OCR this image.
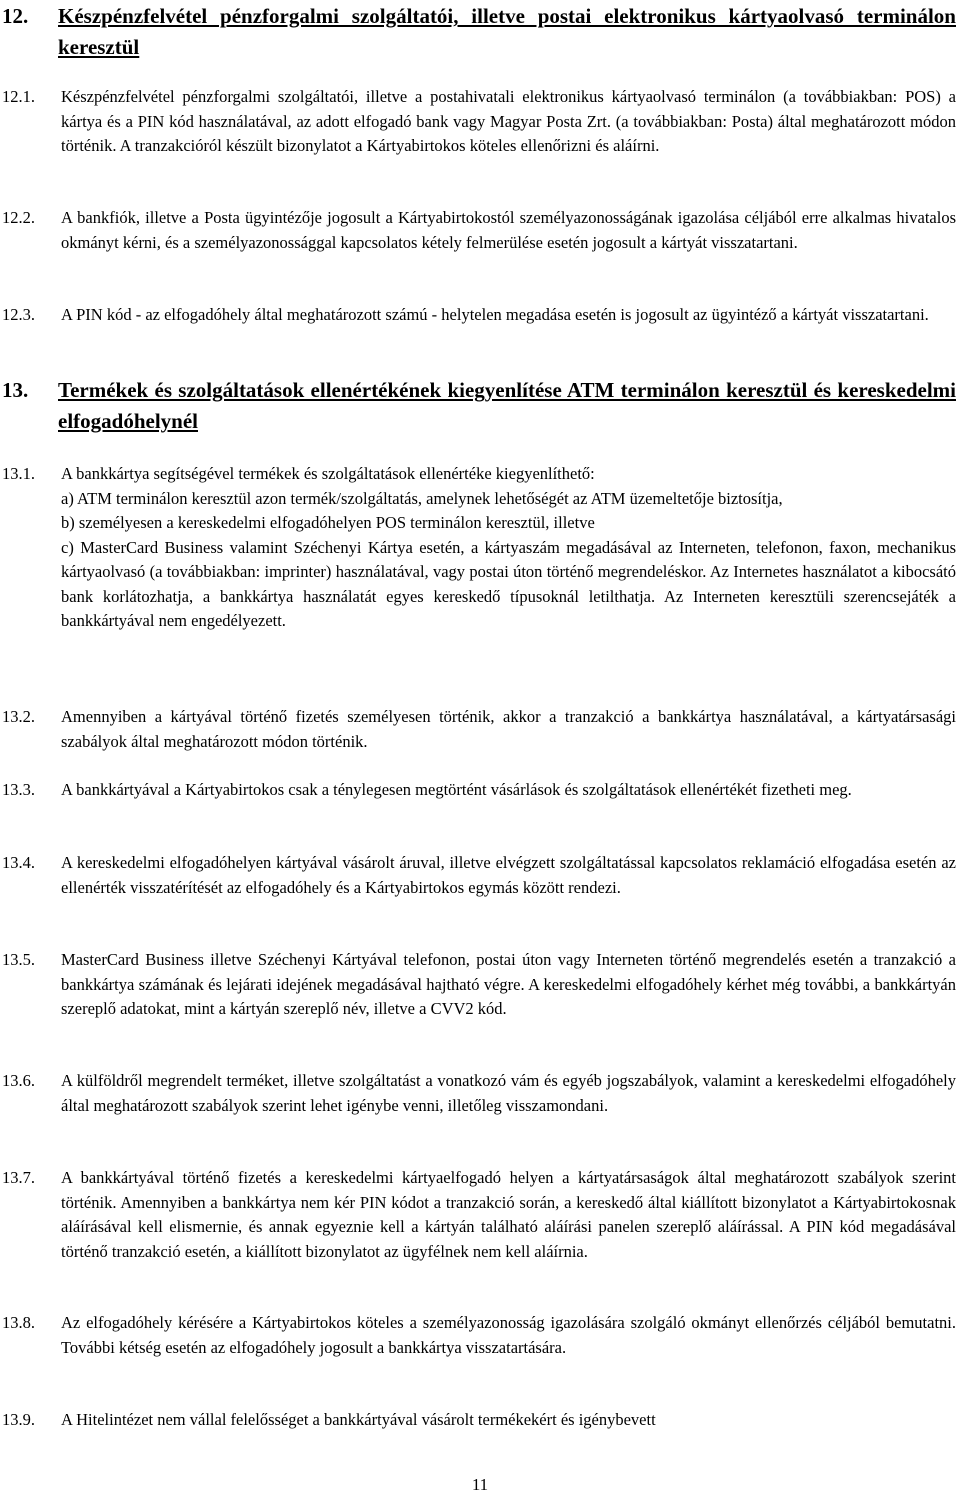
12. Készpénzfelvétel pénzforgalmi szolgáltatói, illetve postai elektronikus kártyaolvasó terminálon keresztül
12.1. Készpénzfelvétel pénzforgalmi szolgáltatói, illetve a postahivatali elektronikus kártyaolvasó terminálon (a továbbiakban: POS) a kártya és a PIN kód használatával, az adott elfogadó bank vagy Magyar Posta Zrt. (a továbbiakban: Posta) által meghatározott módon történik. A tranzakcióról készült bizonylatot a Kártyabirtokos köteles ellenőrizni és aláírni.
12.2. A bankfiók, illetve a Posta ügyintézője jogosult a Kártyabirtokostól személyazonosságának igazolása céljából erre alkalmas hivatalos okmányt kérni, és a személyazonossággal kapcsolatos kétely felmerülése esetén jogosult a kártyát visszatartani.
12.3. A PIN kód - az elfogadóhely által meghatározott számú - helytelen megadása esetén is jogosult az ügyintéző a kártyát visszatartani.
13. Termékek és szolgáltatások ellenértékének kiegyenlítése ATM terminálon keresztül és kereskedelmi elfogadóhelynél
13.1. A bankkártya segítségével termékek és szolgáltatások ellenértéke kiegyenlíthető:
a) ATM terminálon keresztül azon termék/szolgáltatás, amelynek lehetőségét az ATM üzemeltetője biztosítja,
b) személyesen a kereskedelmi elfogadóhelyen POS terminálon keresztül, illetve
c) MasterCard Business valamint Széchenyi Kártya esetén, a kártyaszám megadásával az Interneten, telefonon, faxon, mechanikus kártyaolvasó (a továbbiakban: imprinter) használatával, vagy postai úton történő megrendeléskor. Az Internetes használatot a kibocsátó bank korlátozhatja, a bankkártya használatát egyes kereskedő típusoknál letilthatja. Az Interneten keresztüli szerencsejáték a bankkártyával nem engedélyezett.
13.2. Amennyiben a kártyával történő fizetés személyesen történik, akkor a tranzakció a bankkártya használatával, a kártyatársasági szabályok által meghatározott módon történik.
13.3. A bankkártyával a Kártyabirtokos csak a ténylegesen megtörtént vásárlások és szolgáltatások ellenértékét fizetheti meg.
13.4. A kereskedelmi elfogadóhelyen kártyával vásárolt áruval, illetve elvégzett szolgáltatással kapcsolatos reklamáció elfogadása esetén az ellenérték visszatérítését az elfogadóhely és a Kártyabirtokos egymás között rendezi.
13.5. MasterCard Business illetve Széchenyi Kártyával telefonon, postai úton vagy Interneten történő megrendelés esetén a tranzakció a bankkártya számának és lejárati idejének megadásával hajtható végre. A kereskedelmi elfogadóhely kérhet még további, a bankkártyán szereplő adatokat, mint a kártyán szereplő név, illetve a CVV2 kód.
13.6. A külföldről megrendelt terméket, illetve szolgáltatást a vonatkozó vám és egyéb jogszabályok, valamint a kereskedelmi elfogadóhely által meghatározott szabályok szerint lehet igénybe venni, illetőleg visszamondani.
13.7. A bankkártyával történő fizetés a kereskedelmi kártyaelfogadó helyen a kártyatársaságok által meghatározott szabályok szerint történik. Amennyiben a bankkártya nem kér PIN kódot a tranzakció során, a kereskedő által kiállított bizonylatot a Kártyabirtokosnak aláírásával kell elismernie, és annak egyeznie kell a kártyán található aláírási panelen szereplő aláírással. A PIN kód megadásával történő tranzakció esetén, a kiállított bizonylatot az ügyfélnek nem kell aláírnia.
13.8. Az elfogadóhely kérésére a Kártyabirtokos köteles a személyazonosság igazolására szolgáló okmányt ellenőrzés céljából bemutatni. További kétség esetén az elfogadóhely jogosult a bankkártya visszatartására.
13.9. A Hitelintézet nem vállal felelősséget a bankkártyával vásárolt termékekért és igénybevett
11
